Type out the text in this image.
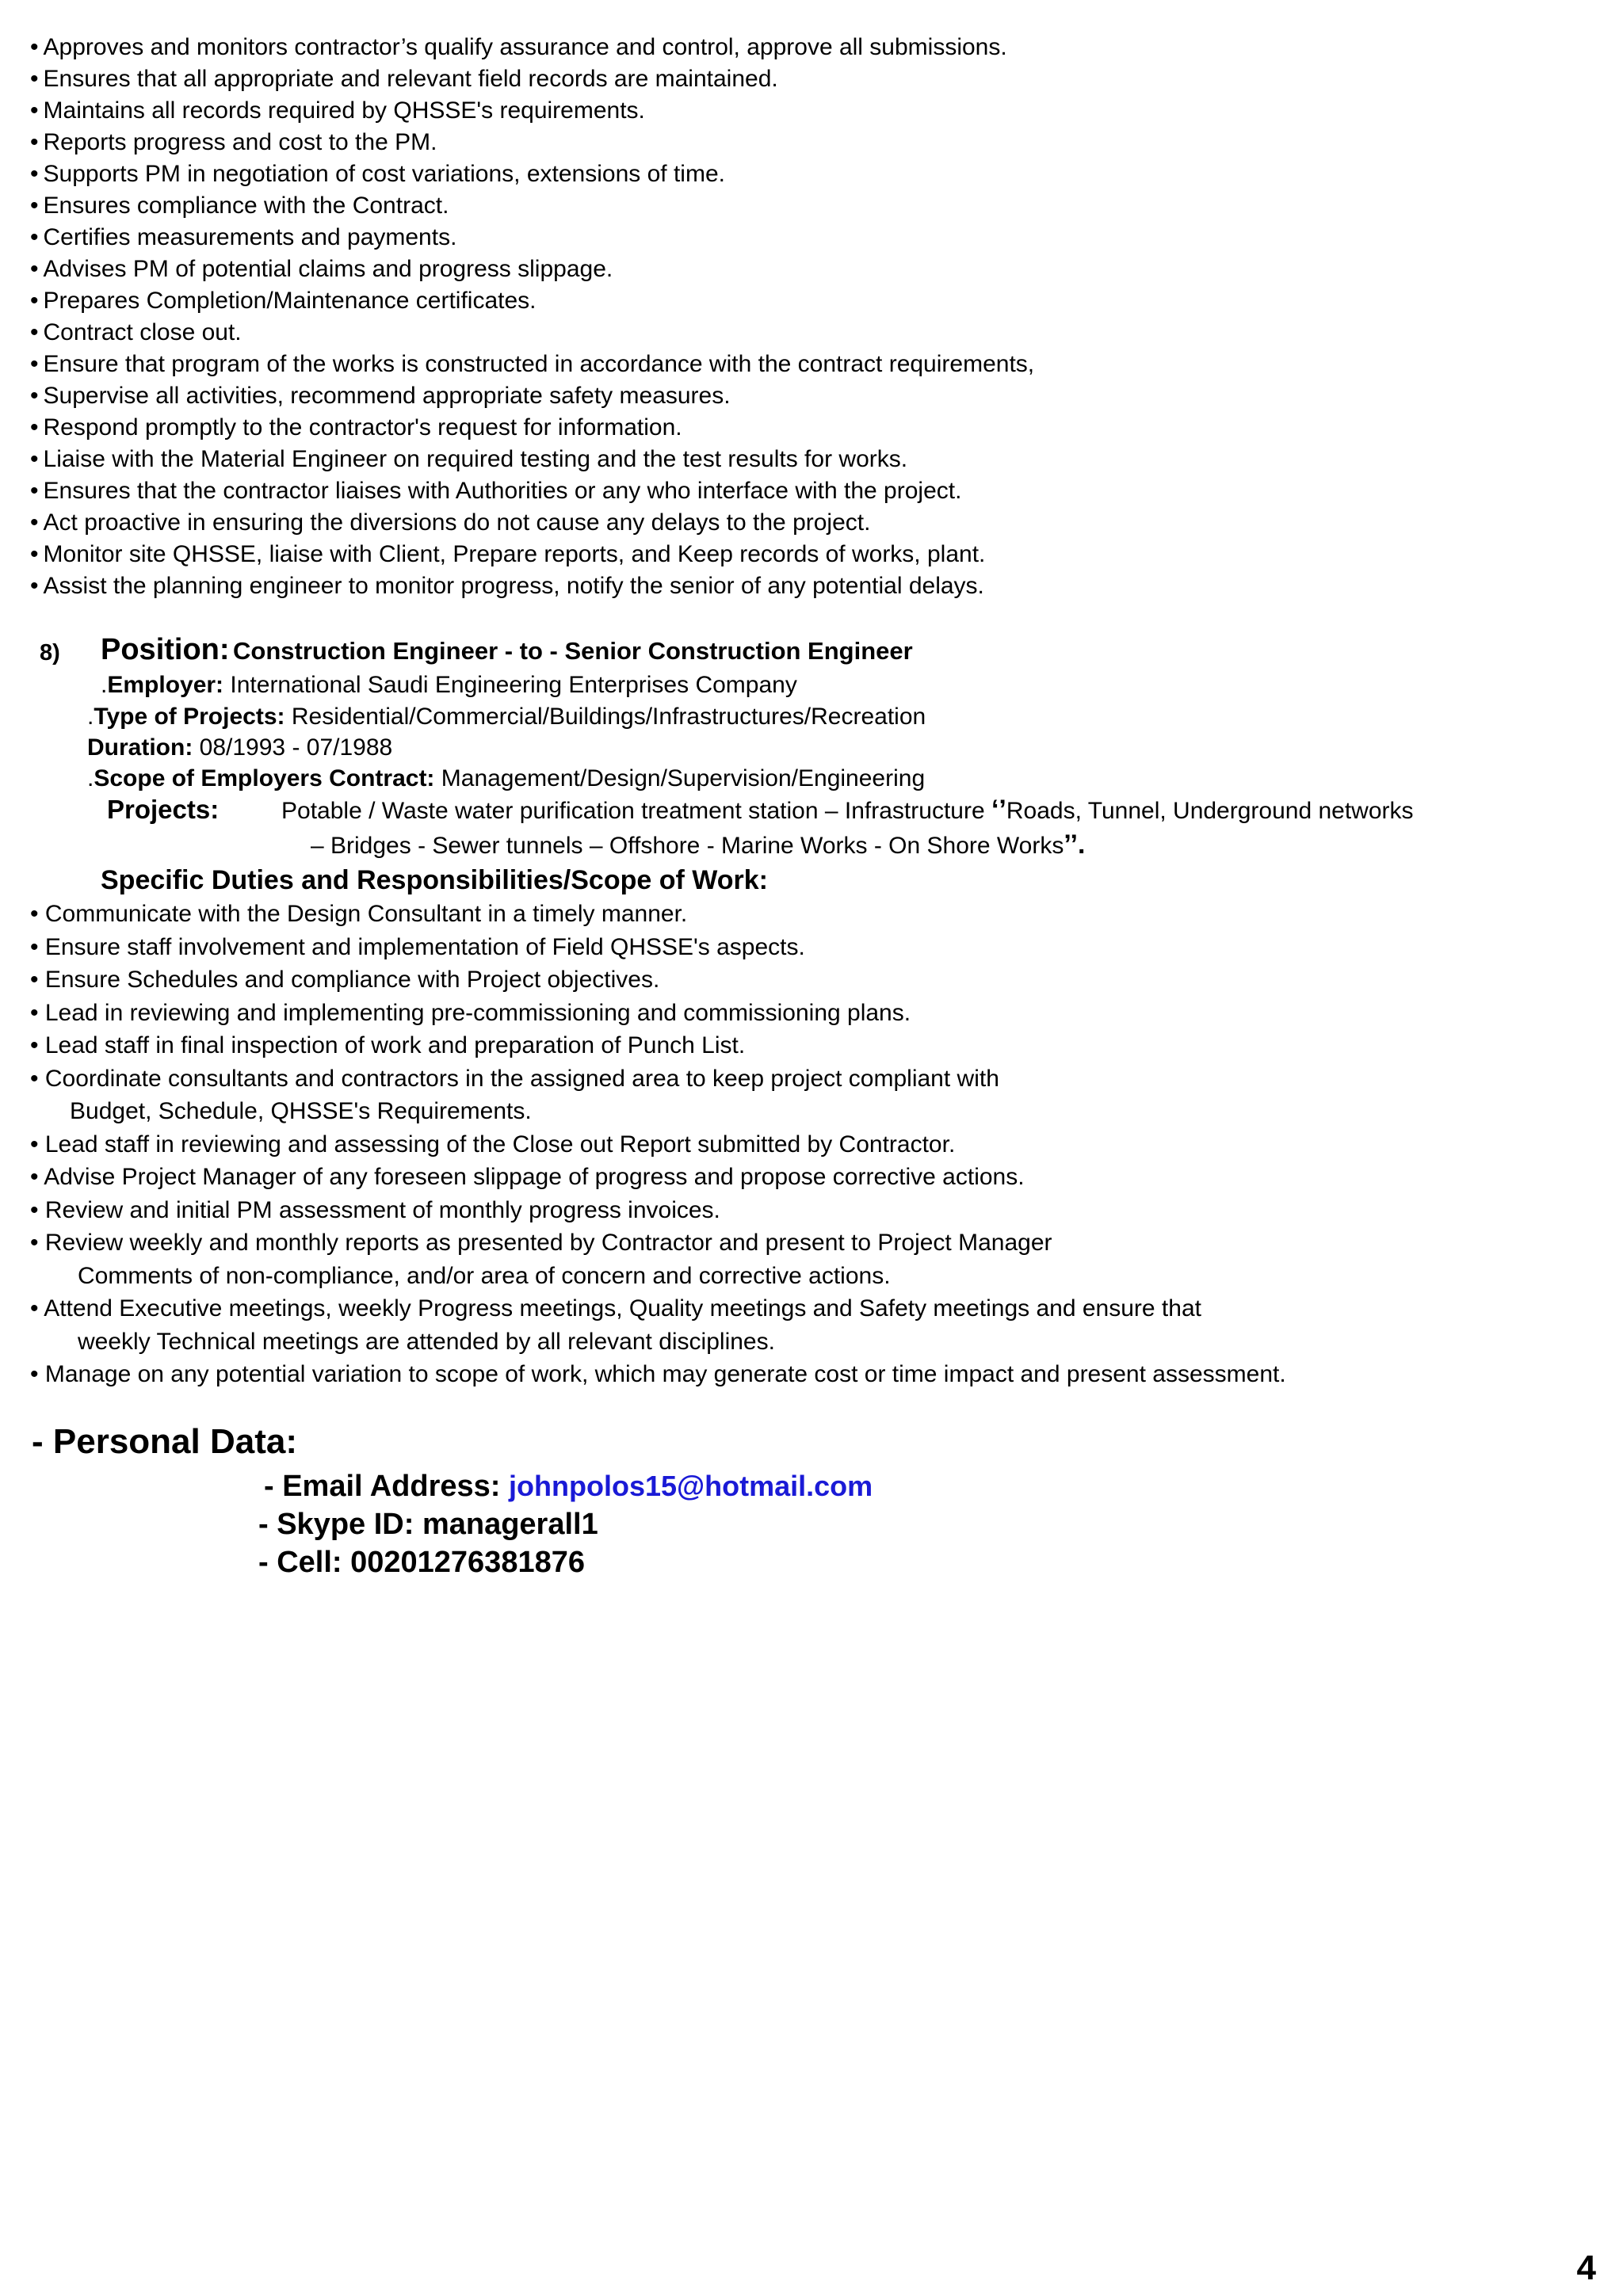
• Approves and monitors contractor’s qualify assurance and control, approve all submissions.
• Ensures that all appropriate and relevant field records are maintained.
• Maintains all records required by QHSSE's requirements.
• Reports progress and cost to the PM.
• Supports PM in negotiation of cost variations, extensions of time.
• Ensures compliance with the Contract.
• Certifies measurements and payments.
• Advises PM of potential claims and progress slippage.
• Prepares Completion/Maintenance certificates.
• Contract close out.
• Ensure that program of the works is constructed in accordance with the contract requirements,
• Supervise all activities, recommend appropriate safety measures.
• Respond promptly to the contractor's request for information.
• Liaise with the Material Engineer on required testing and the test results for works.
• Ensures that the contractor liaises with Authorities or any who interface with the project.
• Act proactive in ensuring the diversions do not cause any delays to the project.
• Monitor site QHSSE, liaise with Client, Prepare reports, and Keep records of works, plant.
• Assist the planning engineer to monitor progress, notify the senior of any potential delays.
8) Position: Construction Engineer - to - Senior Construction Engineer
.Employer: International Saudi Engineering Enterprises Company
.Type of Projects: Residential/Commercial/Buildings/Infrastructures/Recreation
Duration: 08/1993 - 07/1988
.Scope of Employers Contract: Management/Design/Supervision/Engineering
Projects:	Potable / Waste water purification treatment station – Infrastructure ‘’Roads, Tunnel, Underground networks
– Bridges - Sewer tunnels – Offshore - Marine Works - On Shore Works’’.
Specific Duties and Responsibilities/Scope of Work:
• Communicate with the Design Consultant in a timely manner.
• Ensure staff involvement and implementation of Field QHSSE's aspects.
• Ensure Schedules and compliance with Project objectives.
• Lead in reviewing and implementing pre-commissioning and commissioning plans.
• Lead staff in final inspection of work and preparation of Punch List.
• Coordinate consultants and contractors in the assigned area to keep project compliant with
Budget, Schedule, QHSSE's Requirements.
• Lead staff in reviewing and assessing of the Close out Report submitted by Contractor.
• Advise Project Manager of any foreseen slippage of progress and propose corrective actions.
• Review and initial PM assessment of monthly progress invoices.
• Review weekly and monthly reports as presented by Contractor and present to Project Manager
Comments of non-compliance, and/or area of concern and corrective actions.
• Attend Executive meetings, weekly Progress meetings, Quality meetings and Safety meetings and ensure that
weekly Technical meetings are attended by all relevant disciplines.
• Manage on any potential variation to scope of work, which may generate cost or time impact and present assessment.
- Personal Data:
- Email Address: johnpolos15@hotmail.com
- Skype ID: managerall1
- Cell: 00201276381876
4
